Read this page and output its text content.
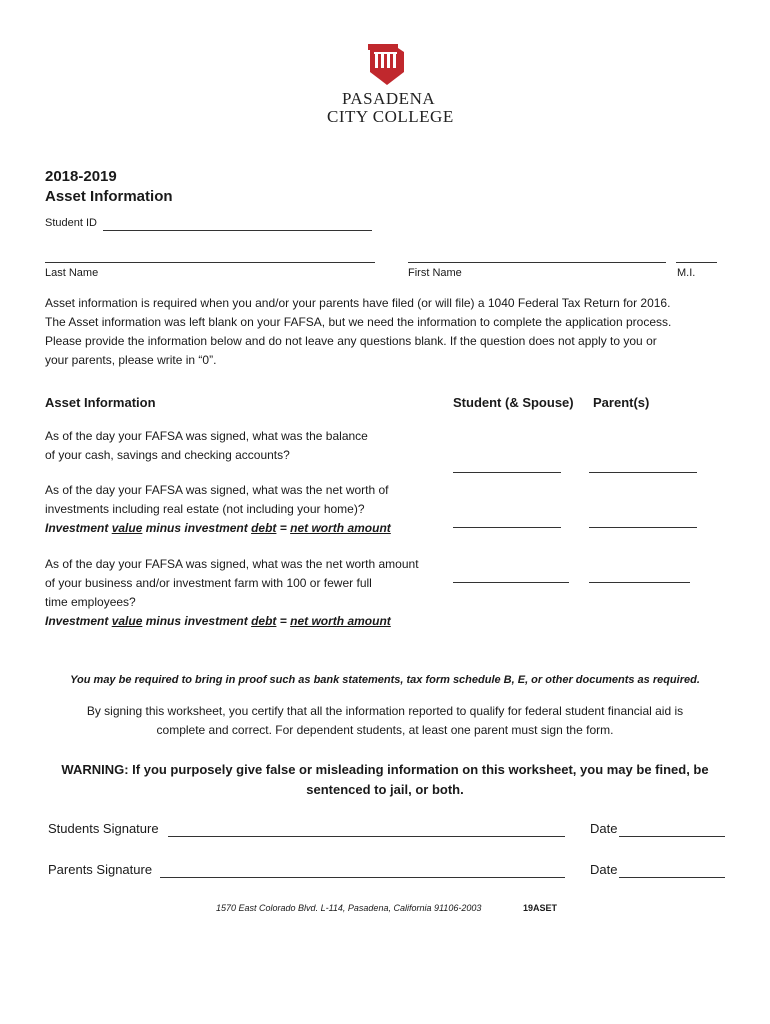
PASADENA
CITY COLLEGE
2018-2019
Asset Information
Student ID
Last Name	First Name	M.I.
Asset information is required when you and/or your parents have filed (or will file) a 1040 Federal Tax Return for 2016.
The Asset information was left blank on your FAFSA, but we need the information to complete the application process.
Please provide the information below and do not leave any questions blank. If the question does not apply to you or
your parents, please write in “0”.
Asset Information	Student (& Spouse) Parent(s)
As of the day your FAFSA was signed, what was the balance
of your cash, savings and checking accounts?
As of the day your FAFSA was signed, what was the net worth of
investments including real estate (not including your home)?
Investment value minus investment debt = net worth amount
As of the day your FAFSA was signed, what was the net worth amount
of your business and/or investment farm with 100 or fewer full
time employees?
Investment value minus investment debt = net worth amount
You may be required to bring in proof such as bank statements, tax form schedule B, E, or other documents as required.
By signing this worksheet, you certify that all the information reported to qualify for federal student financial aid is
complete and correct. For dependent students, at least one parent must sign the form.
WARNING: If you purposely give false or misleading information on this worksheet, you may be fined, be
sentenced to jail, or both.
Students Signature	Date
Parents Signature	Date
1570 East Colorado Blvd. L-114, Pasadena, California 91106-2003	19ASET
